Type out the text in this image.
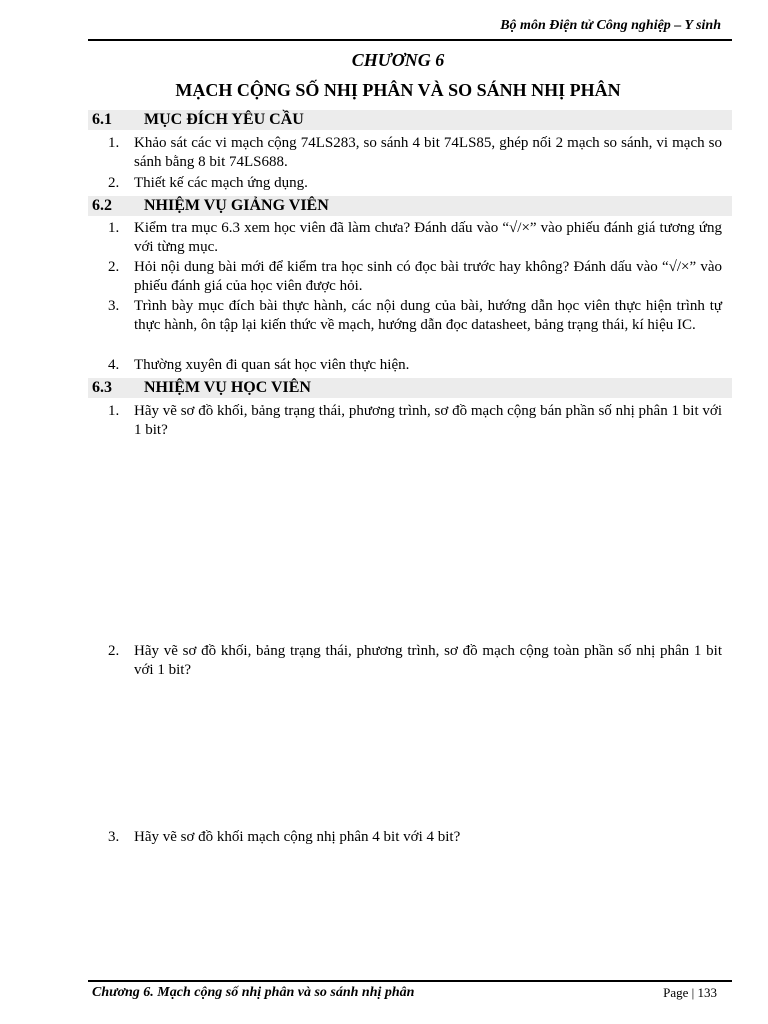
Bộ môn Điện tử Công nghiệp – Y sinh
CHƯƠNG 6
MẠCH CỘNG SỐ NHỊ PHÂN VÀ SO SÁNH NHỊ PHÂN
6.1 MỤC ĐÍCH YÊU CẦU
1. Khảo sát các vi mạch cộng 74LS283, so sánh 4 bit 74LS85, ghép nối 2 mạch so sánh, vi mạch so sánh bằng 8 bit 74LS688.
2. Thiết kế các mạch ứng dụng.
6.2 NHIỆM VỤ GIẢNG VIÊN
1. Kiểm tra mục 6.3 xem học viên đã làm chưa? Đánh dấu vào “√/×” vào phiếu đánh giá tương ứng với từng mục.
2. Hỏi nội dung bài mới để kiểm tra học sinh có đọc bài trước hay không? Đánh dấu vào “√/×” vào phiếu đánh giá của học viên được hỏi.
3. Trình bày mục đích bài thực hành, các nội dung của bài, hướng dẫn học viên thực hiện trình tự thực hành, ôn tập lại kiến thức về mạch, hướng dẫn đọc datasheet, bảng trạng thái, kí hiệu IC.
4. Thường xuyên đi quan sát học viên thực hiện.
6.3 NHIỆM VỤ HỌC VIÊN
1. Hãy vẽ sơ đồ khối, bảng trạng thái, phương trình, sơ đồ mạch cộng bán phần số nhị phân 1 bit với 1 bit?
2. Hãy vẽ sơ đồ khối, bảng trạng thái, phương trình, sơ đồ mạch cộng toàn phần số nhị phân 1 bit với 1 bit?
3. Hãy vẽ sơ đồ khối mạch cộng nhị phân 4 bit với 4 bit?
Chương 6. Mạch cộng số nhị phân và so sánh nhị phân	Page | 133
